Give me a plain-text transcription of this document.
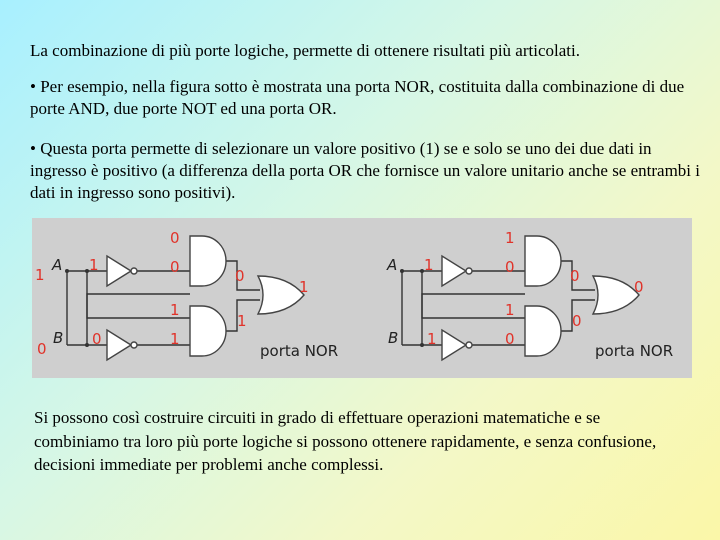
La combinazione di più porte logiche, permette di ottenere risultati più articolati.

• Per esempio, nella figura sotto è mostrata una porta NOR, costituita dalla combinazione di due porte AND, due porte NOT ed una porta OR.

• Questa porta permette di selezionare un valore positivo (1) se e solo se uno dei due dati in ingresso è positivo (a differenza della porta OR che fornisce un valore unitario anche se entrambi i dati in ingresso sono positivi).

1
A 1
0
0	0
1
1
1
0
B 0	1
porta NOR
A 1
1
0	0
0
1
0
B 1	0
porta NOR

Si possono così costruire circuiti in grado di effettuare operazioni matematiche e se combiniamo tra loro più porte logiche si possono ottenere rapidamente, e senza confusione, decisioni immediate per problemi anche complessi.
